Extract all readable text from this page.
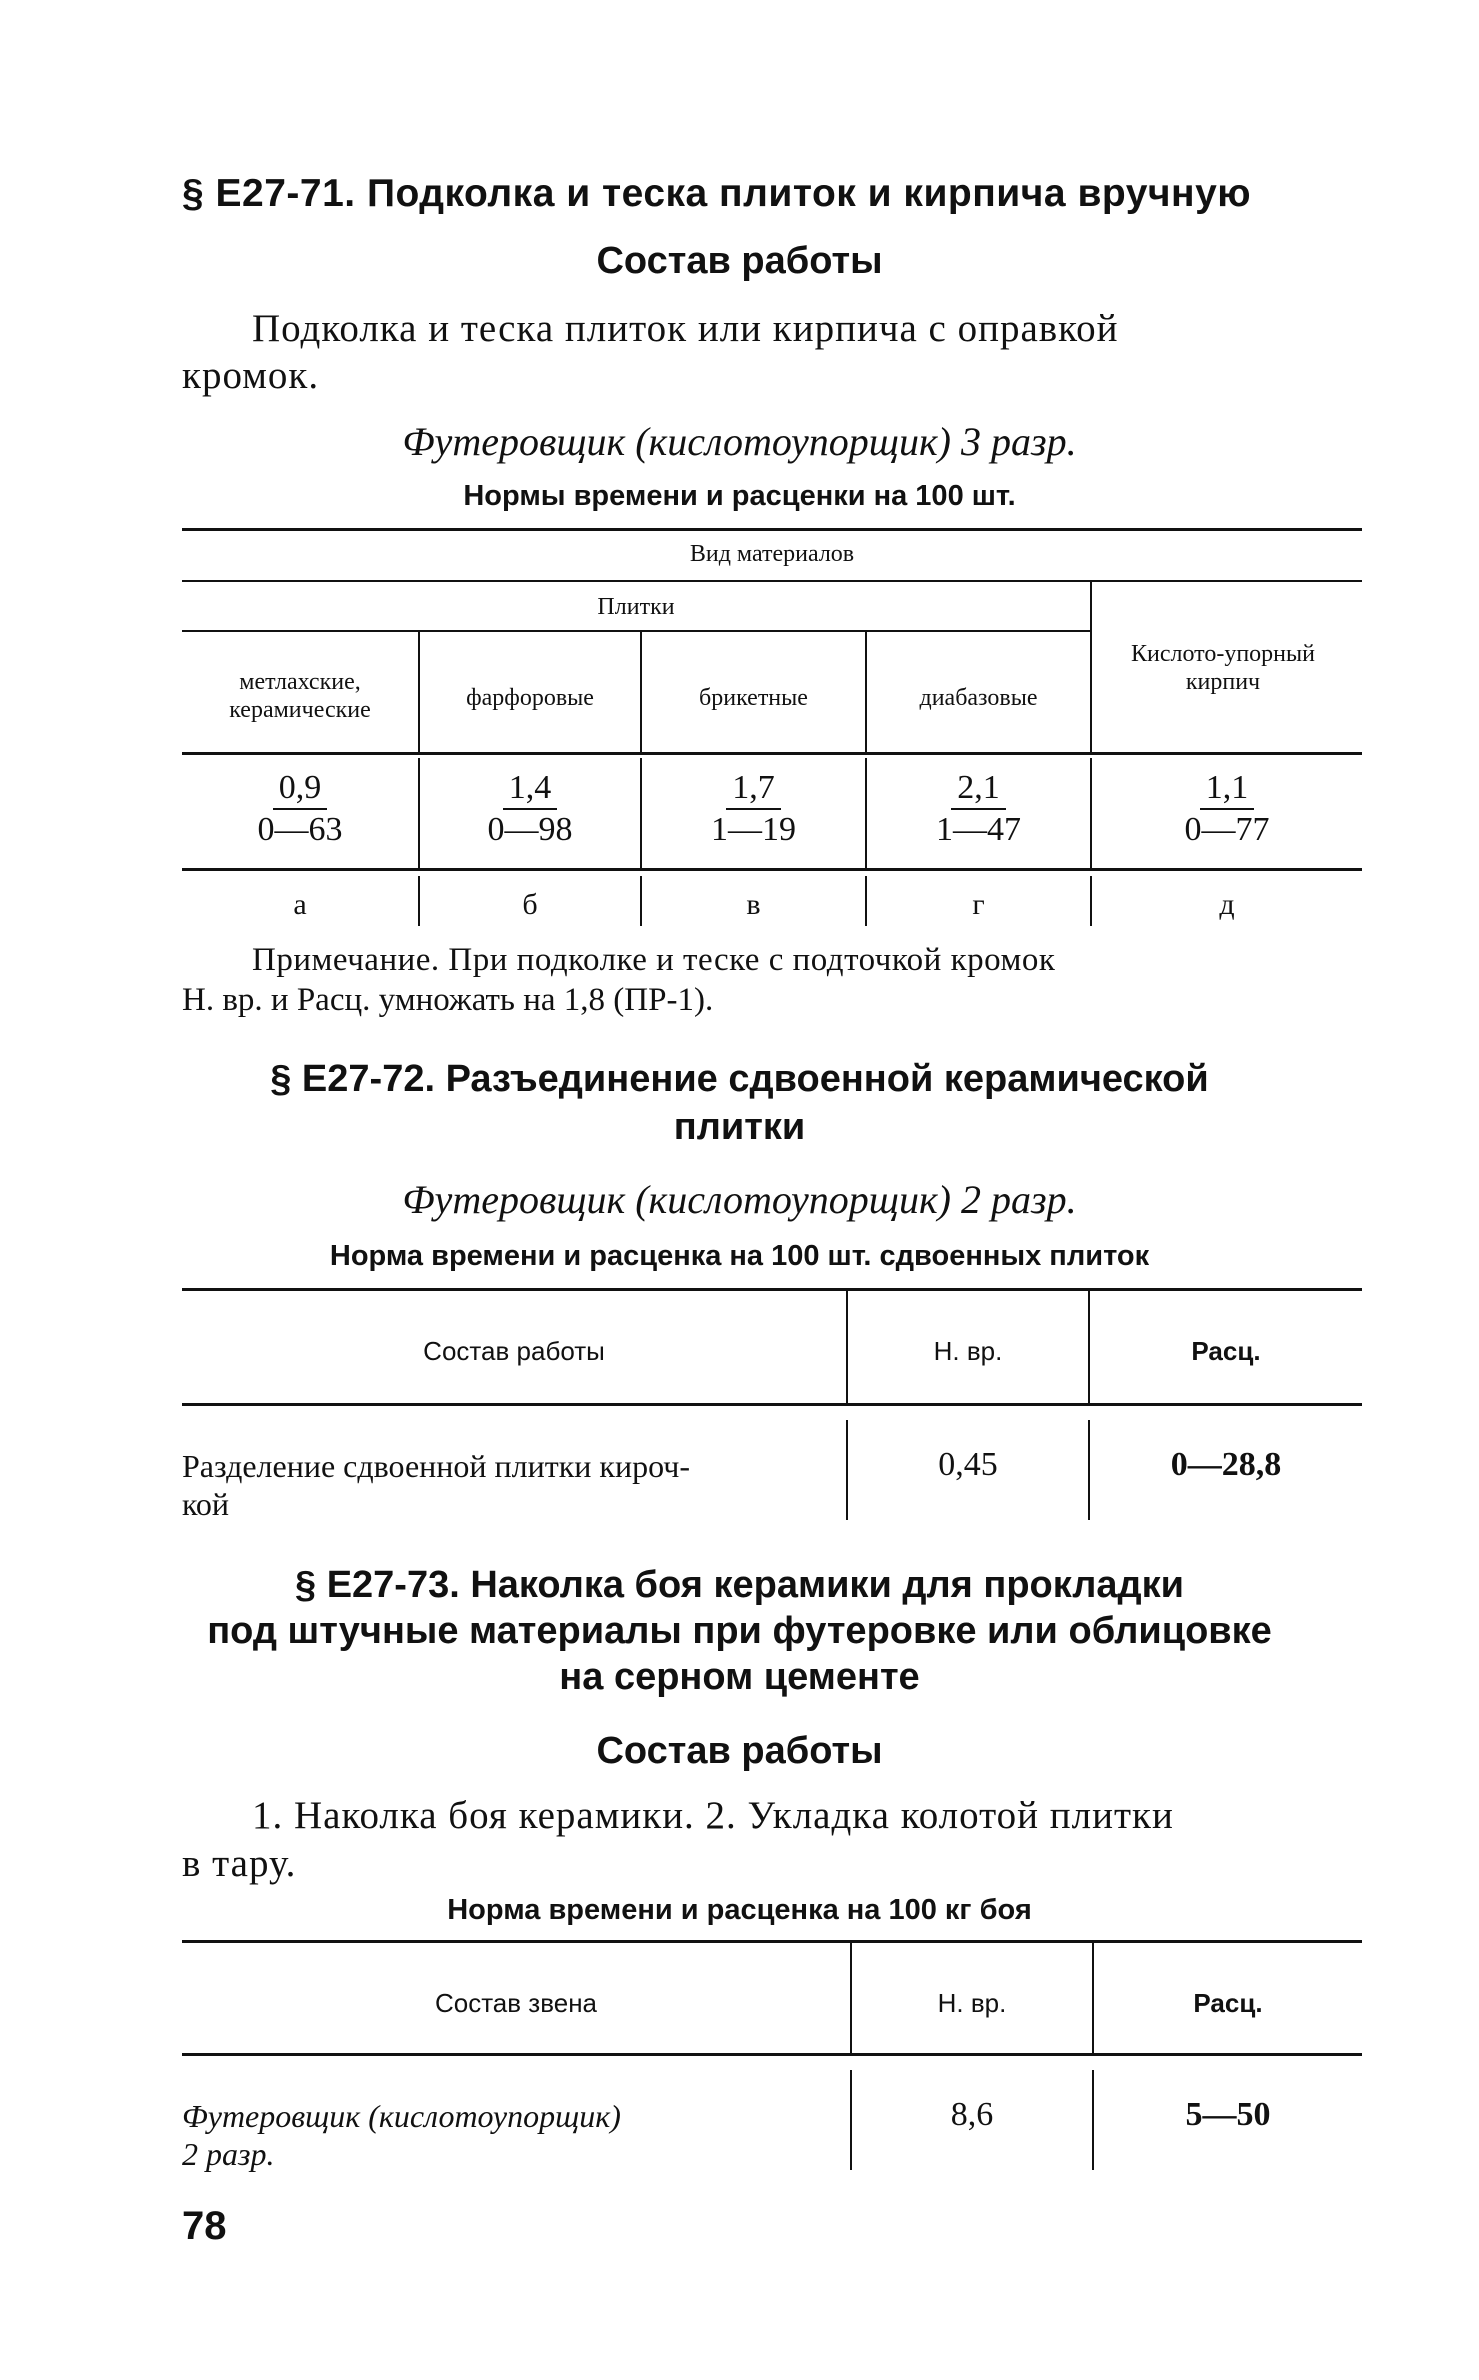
§ Е27-71. Подколка и теска плиток и кирпича вручную
Состав работы
Подколка и теска плиток или кирпича с оправкой
кромок.
Футеровщик (кислотоупорщик) 3 разр.
Нормы времени и расценки на 100 шт.
Вид материалов
Плитки
метлахские, керамические	фарфоровые	брикетные	диабазовые
Кислото-упорный кирпич
$\frac{0,9}{0—63} \frac{1,4}{0—98} \frac{1,7}{1—19} \frac{2,1}{1—47} \frac{1,1}{0—77}$
а	б	в	г	д
Примечание. При подколке и теске с подточкой кромок
Н. вр. и Расц. умножать на 1,8 (ПР-1).
§ Е27-72. Разъединение сдвоенной керамической
плитки
Футеровщик (кислотоупорщик) 2 разр.
Норма времени и расценка на 100 шт. сдвоенных плиток
Состав работы	Н. вр.	Расц.
Разделение сдвоенной плитки кироч-
кой
0,45	0—28,8
§ Е27-73. Наколка боя керамики для прокладки
под штучные материалы при футеровке или облицовке
на серном цементе
Состав работы
1. Наколка боя керамики. 2. Укладка колотой плитки
в тару.
Норма времени и расценка на 100 кг боя
Состав звена	Н. вр.	Расц.
Футеровщик (кислотоупорщик)
2 разр.
8,6	5—50
78
